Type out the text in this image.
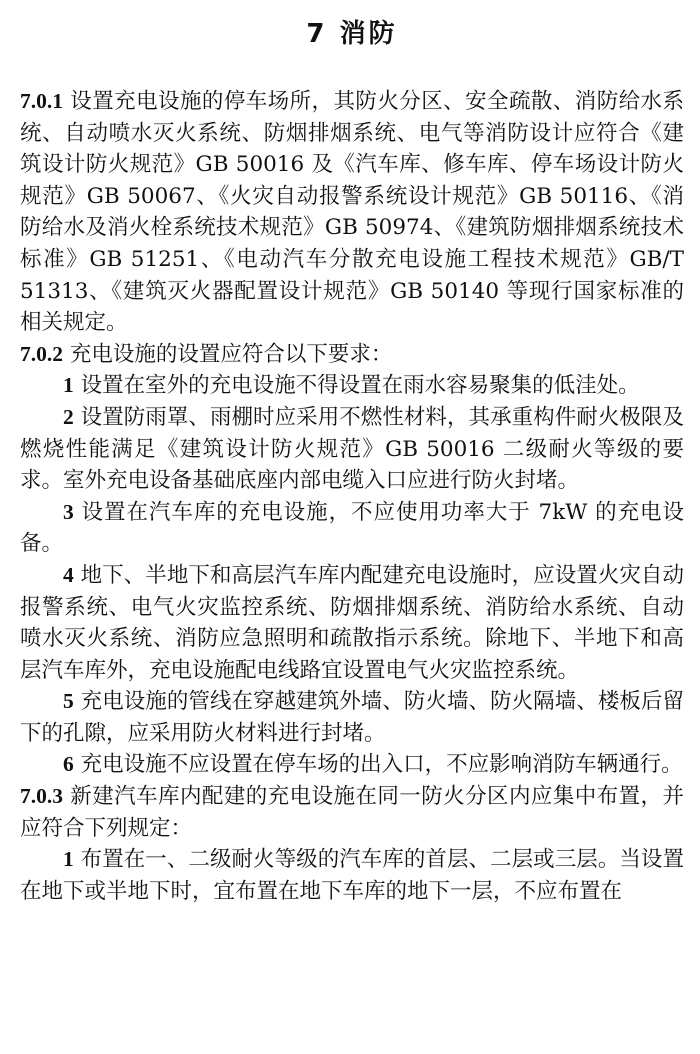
7 消防

7.0.1 设置充电设施的停车场所，其防火分区、安全疏散、消防给水系统、自动喷水灭火系统、防烟排烟系统、电气等消防设计应符合《建筑设计防火规范》GB 50016 及《汽车库、修车库、停车场设计防火规范》GB 50067、《火灾自动报警系统设计规范》GB 50116、《消防给水及消火栓系统技术规范》GB 50974、《建筑防烟排烟系统技术标准》GB 51251、《电动汽车分散充电设施工程技术规范》GB/T 51313、《建筑灭火器配置设计规范》GB 50140 等现行国家标准的相关规定。

7.0.2 充电设施的设置应符合以下要求：

1 设置在室外的充电设施不得设置在雨水容易聚集的低洼处。

2 设置防雨罩、雨棚时应采用不燃性材料，其承重构件耐火极限及燃烧性能满足《建筑设计防火规范》GB 50016 二级耐火等级的要求。室外充电设备基础底座内部电缆入口应进行防火封堵。

3 设置在汽车库的充电设施，不应使用功率大于 7kW 的充电设备。

4 地下、半地下和高层汽车库内配建充电设施时，应设置火灾自动报警系统、电气火灾监控系统、防烟排烟系统、消防给水系统、自动喷水灭火系统、消防应急照明和疏散指示系统。除地下、半地下和高层汽车库外，充电设施配电线路宜设置电气火灾监控系统。

5 充电设施的管线在穿越建筑外墙、防火墙、防火隔墙、楼板后留下的孔隙，应采用防火材料进行封堵。

6 充电设施不应设置在停车场的出入口，不应影响消防车辆通行。

7.0.3 新建汽车库内配建的充电设施在同一防火分区内应集中布置，并应符合下列规定：

1 布置在一、二级耐火等级的汽车库的首层、二层或三层。当设置在地下或半地下时，宜布置在地下车库的地下一层，不应布置在
